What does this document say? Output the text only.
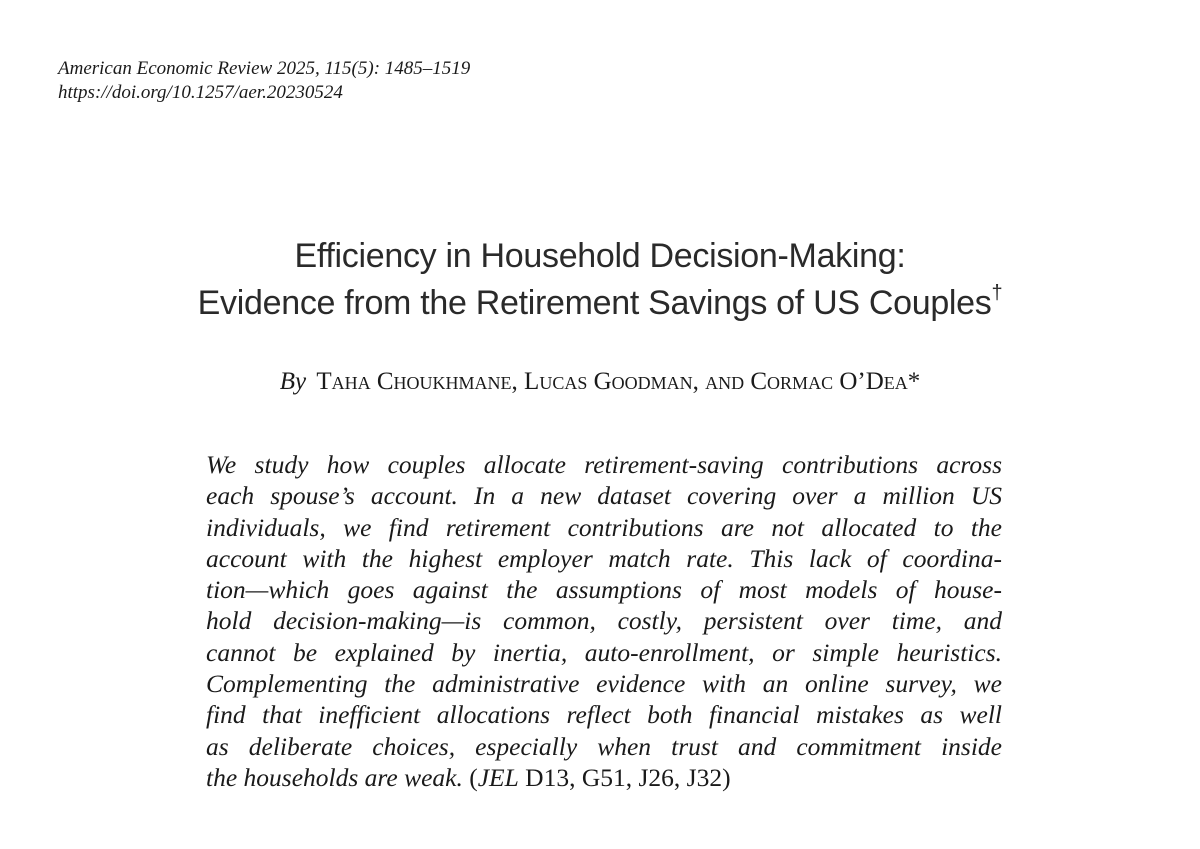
American Economic Review 2025, 115(5): 1485–1519
https://doi.org/10.1257/aer.20230524
Efficiency in Household Decision-Making:
Evidence from the Retirement Savings of US Couples†
By Taha Choukhmane, Lucas Goodman, and Cormac O’Dea*
We study how couples allocate retirement-saving contributions across
each spouse’s account. In a new dataset covering over a million US
individuals, we find retirement contributions are not allocated to the
account with the highest employer match rate. This lack of coordina-
tion—which goes against the assumptions of most models of house-
hold decision-making—is common, costly, persistent over time, and
cannot be explained by inertia, auto-enrollment, or simple heuristics.
Complementing the administrative evidence with an online survey, we
find that inefficient allocations reflect both financial mistakes as well
as deliberate choices, especially when trust and commitment inside
the households are weak. (JEL D13, G51, J26, J32)
